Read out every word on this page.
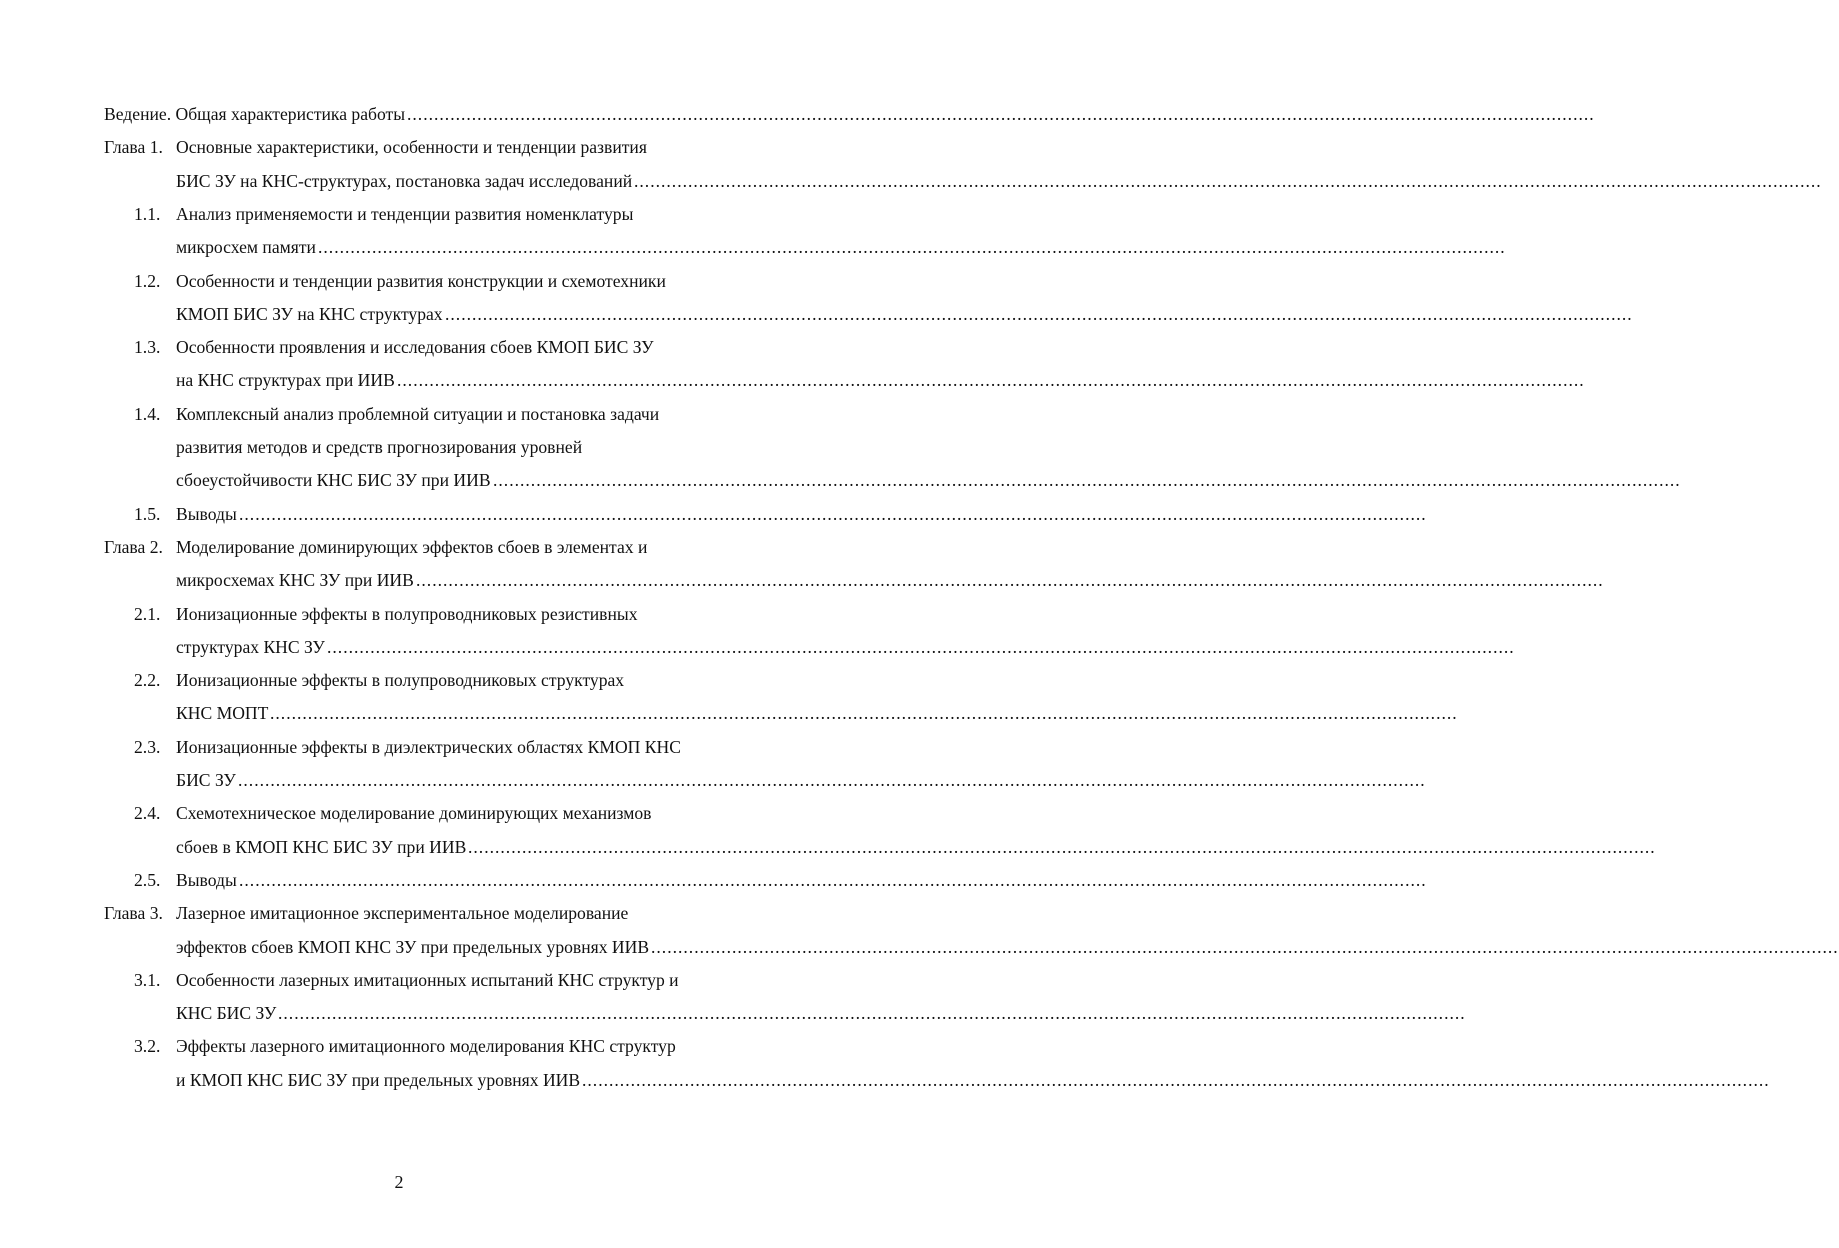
Ведение. Общая характеристика работы ............................................................................................................................................................................................................................
Глава 1. Основные характеристики, особенности и тенденции развития
БИС ЗУ на КНС-структурах, постановка задач исследований ............................................................................................................................................................................................................................
1.1. Анализ применяемости и тенденции развития номенклатуры
микросхем памяти ............................................................................................................................................................................................................................
1.2. Особенности и тенденции развития конструкции и схемотехники
КМОП БИС ЗУ на КНС структурах ............................................................................................................................................................................................................................
1.3. Особенности проявления и исследования сбоев КМОП БИС ЗУ
на КНС структурах при ИИВ ............................................................................................................................................................................................................................
1.4. Комплексный анализ проблемной ситуации и постановка задачи
развития методов и средств прогнозирования уровней
сбоеустойчивости КНС БИС ЗУ при ИИВ ............................................................................................................................................................................................................................
1.5. Выводы ............................................................................................................................................................................................................................
Глава 2. Моделирование доминирующих эффектов сбоев в элементах и
микросхемах КНС ЗУ при ИИВ ............................................................................................................................................................................................................................
2.1. Ионизационные эффекты в полупроводниковых резистивных
структурах КНС ЗУ ............................................................................................................................................................................................................................
2.2. Ионизационные эффекты в полупроводниковых структурах
КНС МОПТ ............................................................................................................................................................................................................................
2.3. Ионизационные эффекты в диэлектрических областях КМОП КНС
БИС ЗУ ............................................................................................................................................................................................................................
2.4. Схемотехническое моделирование доминирующих механизмов
сбоев в КМОП КНС БИС ЗУ при ИИВ ............................................................................................................................................................................................................................
2.5. Выводы ............................................................................................................................................................................................................................
Глава 3. Лазерное имитационное экспериментальное моделирование
эффектов сбоев КМОП КНС ЗУ при предельных уровнях ИИВ ............................................................................................................................................................................................................................
3.1. Особенности лазерных имитационных испытаний КНС структур и
КНС БИС ЗУ ............................................................................................................................................................................................................................
3.2. Эффекты лазерного имитационного моделирования КНС структур
и КМОП КНС БИС ЗУ при предельных уровнях ИИВ ............................................................................................................................................................................................................................
2
